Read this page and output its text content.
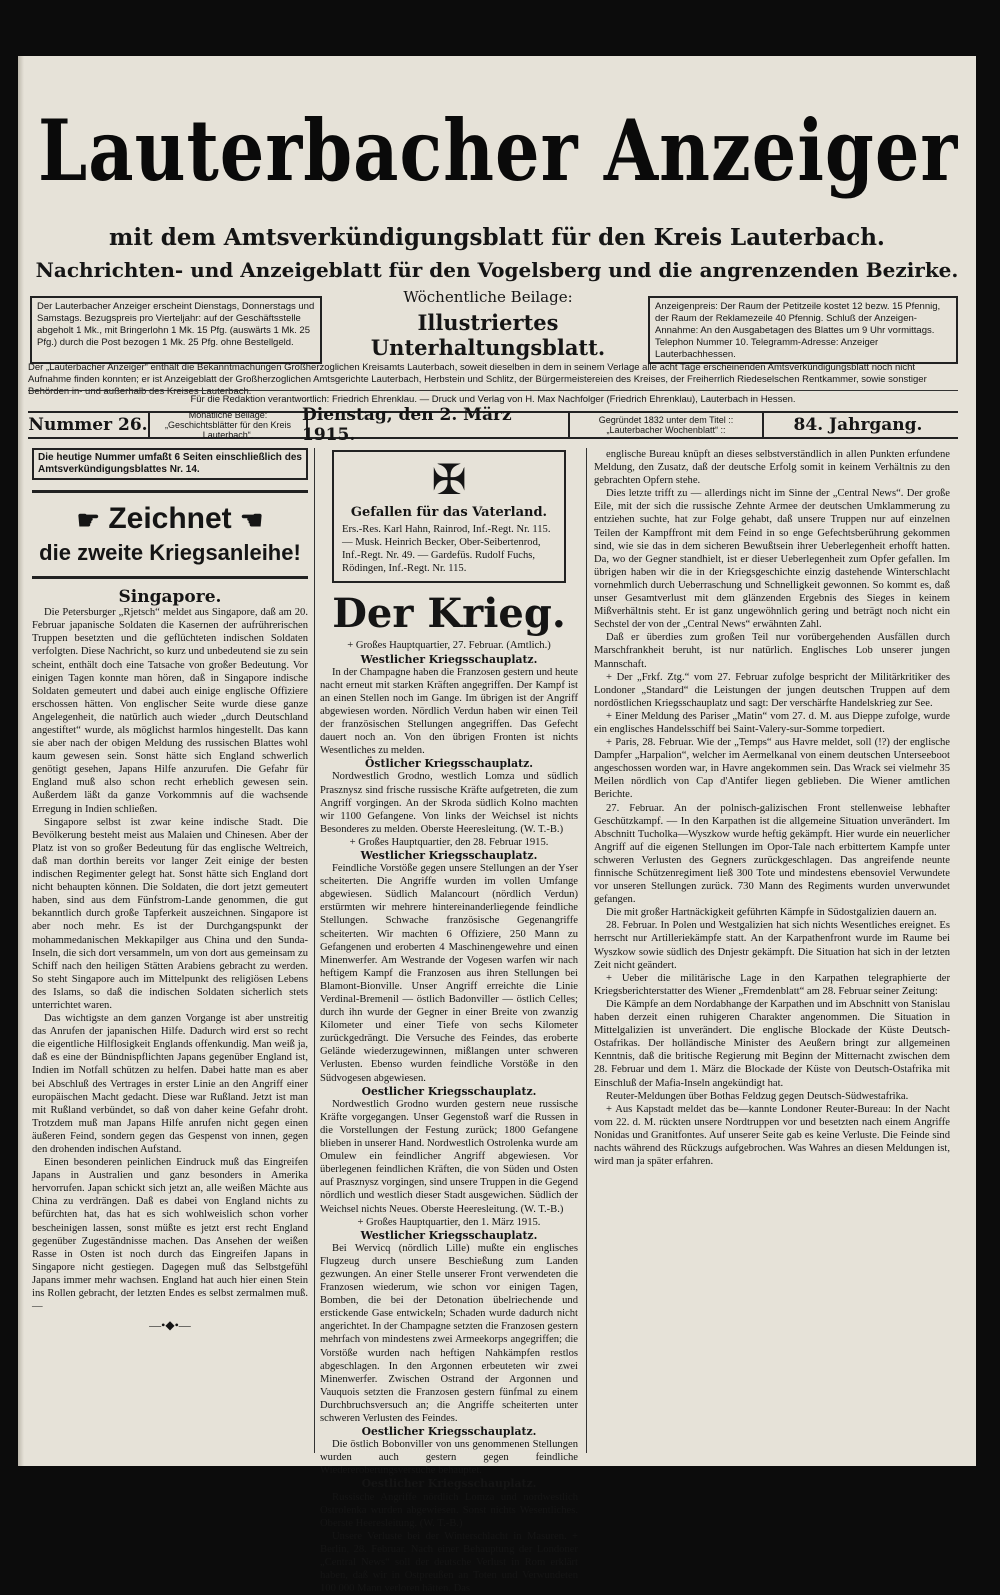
Lauterbacher Anzeiger
mit dem Amtsverkündigungsblatt für den Kreis Lauterbach.
Nachrichten- und Anzeigeblatt für den Vogelsberg und die angrenzenden Bezirke.
Der Lauterbacher Anzeiger erscheint Dienstags, Donnerstags und Samstags. Bezugspreis pro Vierteljahr: auf der Geschäftsstelle abgeholt 1 Mk., mit Bringerlohn 1 Mk. 15 Pfg. (auswärts 1 Mk. 25 Pfg.) durch die Post bezogen 1 Mk. 25 Pfg. ohne Bestellgeld.
Wöchentliche Beilage:
Illustriertes Unterhaltungsblatt.
Anzeigenpreis: Der Raum der Petitzeile kostet 12 bezw. 15 Pfennig, der Raum der Reklamezeile 40 Pfennig. Schluß der Anzeigen-Annahme: An den Ausgabetagen des Blattes um 9 Uhr vormittags. Telephon Nummer 10. Telegramm-Adresse: Anzeiger Lauterbachhessen.
Der „Lauterbacher Anzeiger“ enthält die Bekanntmachungen Großherzoglichen Kreisamts Lauterbach, soweit dieselben in dem in seinem Verlage alle acht Tage erscheinenden Amtsverkündigungsblatt noch nicht Aufnahme finden konnten; er ist Anzeigeblatt der Großherzoglichen Amtsgerichte Lauterbach, Herbstein und Schlitz, der Bürgermeistereien des Kreises, der Freiherrlich Riedeselschen Rentkammer, sowie sonstiger Behörden in- und außerhalb des Kreises Lauterbach.
Für die Redaktion verantwortlich: Friedrich Ehrenklau. — Druck und Verlag von H. Max Nachfolger (Friedrich Ehrenklau), Lauterbach in Hessen.
Nummer 26.	Monatliche Beilage: „Geschichtsblätter für den Kreis Lauterbach“.
Dienstag, den 2. März 1915.
Gegründet 1832 unter dem Titel :: „Lauterbacher Wochenblatt“ ::	84. Jahrgang.
Die heutige Nummer umfaßt 6 Seiten einschließlich des Amtsverkündigungsblattes Nr. 14.
☛ Zeichnet ☚
die zweite Kriegsanleihe!
Singapore.

Die Petersburger „Rjetsch“ meldet aus Singapore, daß am 20. Februar japanische Soldaten die Kasernen der aufrührerischen Truppen besetzten und die geflüchteten indischen Soldaten verfolgten. Diese Nachricht, so kurz und unbedeutend sie zu sein scheint, enthält doch eine Tatsache von großer Bedeutung. Vor einigen Tagen konnte man hören, daß in Singapore indische Soldaten gemeutert und dabei auch einige englische Offiziere erschossen hätten. Von englischer Seite wurde diese ganze Angelegenheit, die natürlich auch wieder „durch Deutschland angestiftet“ wurde, als möglichst harmlos hingestellt. Das kann sie aber nach der obigen Meldung des russischen Blattes wohl kaum gewesen sein. Sonst hätte sich England schwerlich genötigt gesehen, Japans Hilfe anzurufen. Die Gefahr für England muß also schon recht erheblich gewesen sein. Außerdem läßt da ganze Vorkommnis auf die wachsende Erregung in Indien schließen.

Singapore selbst ist zwar keine indische Stadt. Die Bevölkerung besteht meist aus Malaien und Chinesen. Aber der Platz ist von so großer Bedeutung für das englische Weltreich, daß man dorthin bereits vor langer Zeit einige der besten indischen Regimenter gelegt hat. Sonst hätte sich England dort nicht behaupten können. Die Soldaten, die dort jetzt gemeutert haben, sind aus dem Fünfstrom-Lande genommen, die gut bekanntlich durch große Tapferkeit auszeichnen. Singapore ist aber noch mehr. Es ist der Durchgangspunkt der mohammedanischen Mekkapilger aus China und den Sunda-Inseln, die sich dort versammeln, um von dort aus gemeinsam zu Schiff nach den heiligen Stätten Arabiens gebracht zu werden. So steht Singapore auch im Mittelpunkt des religiösen Lebens des Islams, so daß die indischen Soldaten sicherlich stets unterrichtet waren.

Das wichtigste an dem ganzen Vorgange ist aber unstreitig das Anrufen der japanischen Hilfe. Dadurch wird erst so recht die eigentliche Hilflosigkeit Englands offenkundig. Man weiß ja, daß es eine der Bündnispflichten Japans gegenüber England ist, Indien im Notfall schützen zu helfen. Dabei hatte man es aber bei Abschluß des Vertrages in erster Linie an den Angriff einer europäischen Macht gedacht. Diese war Rußland. Jetzt ist man mit Rußland verbündet, so daß von daher keine Gefahr droht. Trotzdem muß man Japans Hilfe anrufen nicht gegen einen äußeren Feind, sondern gegen das Gespenst von innen, gegen den drohenden indischen Aufstand.

Einen besonderen peinlichen Eindruck muß das Eingreifen Japans in Australien und ganz besonders in Amerika hervorrufen. Japan schickt sich jetzt an, alle weißen Mächte aus China zu verdrängen. Daß es dabei von England nichts zu befürchten hat, das hat es sich wohlweislich schon vorher bescheinigen lassen, sonst müßte es jetzt erst recht England gegenüber Zugeständnisse machen. Das Ansehen der weißen Rasse in Osten ist noch durch das Eingreifen Japans in Singapore nicht gestiegen. Dagegen muß das Selbstgefühl Japans immer mehr wachsen. England hat auch hier einen Stein ins Rollen gebracht, der letzten Endes es selbst zermalmen muß. —

—•◆•—
✠
Gefallen für das Vaterland.
Ers.-Res. Karl Hahn, Rainrod, Inf.-Regt. Nr. 115. — Musk. Heinrich Becker, Ober-Seibertenrod, Inf.-Regt. Nr. 49. — Gardefüs. Rudolf Fuchs, Rödingen, Inf.-Regt. Nr. 115.
Der Krieg.
+ Großes Hauptquartier, 27. Februar. (Amtlich.)
Westlicher Kriegsschauplatz.

In der Champagne haben die Franzosen gestern und heute nacht erneut mit starken Kräften angegriffen. Der Kampf ist an einen Stellen noch im Gange. Im übrigen ist der Angriff abgewiesen worden. Nördlich Verdun haben wir einen Teil der französischen Stellungen angegriffen. Das Gefecht dauert noch an. Von den übrigen Fronten ist nichts Wesentliches zu melden.

Östlicher Kriegsschauplatz.

Nordwestlich Grodno, westlich Lomza und südlich Prasznysz sind frische russische Kräfte aufgetreten, die zum Angriff vorgingen. An der Skroda südlich Kolno machten wir 1100 Gefangene. Von links der Weichsel ist nichts Besonderes zu melden. Oberste Heeresleitung. (W. T.-B.)

+ Großes Hauptquartier, den 28. Februar 1915.
Westlicher Kriegsschauplatz.

Feindliche Vorstöße gegen unsere Stellungen an der Yser scheiterten. Die Angriffe wurden im vollen Umfange abgewiesen. Südlich Malancourt (nördlich Verdun) erstürmten wir mehrere hintereinanderliegende feindliche Stellungen. Schwache französische Gegenangriffe scheiterten. Wir machten 6 Offiziere, 250 Mann zu Gefangenen und eroberten 4 Maschinengewehre und einen Minenwerfer. Am Westrande der Vogesen warfen wir nach heftigem Kampf die Franzosen aus ihren Stellungen bei Blamont-Bionville. Unser Angriff erreichte die Linie Verdinal-Bremenil — östlich Badonviller — östlich Celles; durch ihn wurde der Gegner in einer Breite von zwanzig Kilometer und einer Tiefe von sechs Kilometer zurückgedrängt. Die Versuche des Feindes, das eroberte Gelände wiederzugewinnen, mißlangen unter schweren Verlusten. Ebenso wurden feindliche Vorstöße in den Südvogesen abgewiesen.

Oestlicher Kriegsschauplatz.

Nordwestlich Grodno wurden gestern neue russische Kräfte vorgegangen. Unser Gegenstoß warf die Russen in die Vorstellungen der Festung zurück; 1800 Gefangene blieben in unserer Hand. Nordwestlich Ostrolenka wurde am Omulew ein feindlicher Angriff abgewiesen. Vor überlegenen feindlichen Kräften, die von Süden und Osten auf Prasznysz vorgingen, sind unsere Truppen in die Gegend nördlich und westlich dieser Stadt ausgewichen. Südlich der Weichsel nichts Neues. Oberste Heeresleitung. (W. T.-B.)

+ Großes Hauptquartier, den 1. März 1915.
Westlicher Kriegsschauplatz.

Bei Wervicq (nördlich Lille) mußte ein englisches Flugzeug durch unsere Beschießung zum Landen gezwungen. An einer Stelle unserer Front verwendeten die Franzosen wiederum, wie schon vor einigen Tagen, Bomben, die bei der Detonation übelriechende und erstickende Gase entwickeln; Schaden wurde dadurch nicht angerichtet. In der Champagne setzten die Franzosen gestern mehrfach von mindestens zwei Armeekorps angegriffen; die Vorstöße wurden nach heftigen Nahkämpfen restlos abgeschlagen. In den Argonnen erbeuteten wir zwei Minenwerfer. Zwischen Ostrand der Argonnen und Vauquois setzten die Franzosen gestern fünfmal zu einem Durchbruchsversuch an; die Angriffe scheiterten unter schweren Verlusten des Feindes.

Oestlicher Kriegsschauplatz.

Die östlich Bobonviller von uns genommenen Stellungen wurden auch gestern gegen feindliche Wiedereroberungsversuche behauptet.

Oestlicher Kriegsschauplatz.

Russische Angriffe nördlich Lomza und nordwestlich Ostrolenka wurden abgewiesen. Sonst nichts Wesentliches. Oberste Heeresleitung. (W. T.-B.)

Unsere Verluste bei der Winterschlacht in Masuren. + Berlin, 28. Februar. Nach einer Behauptung der Londoner „Central News“ soll der deutsche Verlust in Rom erklärt haben, daß wir in Ostpreußen an Toten und Verwundeten 100 000 Mann verloren hätten. Das

englische Bureau knüpft an dieses selbstverständlich in allen Punkten erfundene Meldung, den Zusatz, daß der deutsche Erfolg somit in keinem Verhältnis zu den gebrachten Opfern stehe.

Dies letzte trifft zu — allerdings nicht im Sinne der „Central News“. Der große Eile, mit der sich die russische Zehnte Armee der deutschen Umklammerung zu entziehen suchte, hat zur Folge gehabt, daß unsere Truppen nur auf einzelnen Teilen der Kampffront mit dem Feind in so enge Gefechtsberührung gekommen sind, wie sie das in dem sicheren Bewußtsein ihrer Ueberlegenheit erhofft hatten. Da, wo der Gegner standhielt, ist er dieser Ueberlegenheit zum Opfer gefallen. Im übrigen haben wir die in der Kriegsgeschichte einzig dastehende Winterschlacht vornehmlich durch Ueberraschung und Schnelligkeit gewonnen. So kommt es, daß unser Gesamtverlust mit dem glänzenden Ergebnis des Sieges in keinem Mißverhältnis steht. Er ist ganz ungewöhnlich gering und beträgt noch nicht ein Sechstel der von der „Central News“ erwähnten Zahl.

Daß er überdies zum großen Teil nur vorübergehenden Ausfällen durch Marschfrankheit beruht, ist nur natürlich. Englisches Lob unserer jungen Mannschaft.

+ Der „Frkf. Ztg.“ vom 27. Februar zufolge bespricht der Militärkritiker des Londoner „Standard“ die Leistungen der jungen deutschen Truppen auf dem nordöstlichen Kriegsschauplatz und sagt: Der verschärfte Handelskrieg zur See.

+ Einer Meldung des Pariser „Matin“ vom 27. d. M. aus Dieppe zufolge, wurde ein englisches Handelsschiff bei Saint-Valery-sur-Somme torpediert.

+ Paris, 28. Februar. Wie der „Temps“ aus Havre meldet, soll (!?) der englische Dampfer „Harpalion“, welcher im Aermelkanal von einem deutschen Unterseeboot angeschossen worden war, in Havre angekommen sein. Das Wrack sei vielmehr 35 Meilen nördlich von Cap d'Antifer liegen geblieben. Die Wiener amtlichen Berichte.

27. Februar. An der polnisch-galizischen Front stellenweise lebhafter Geschützkampf. — In den Karpathen ist die allgemeine Situation unverändert. Im Abschnitt Tucholka—Wyszkow wurde heftig gekämpft. Hier wurde ein neuerlicher Angriff auf die eigenen Stellungen im Opor-Tale nach erbittertem Kampfe unter schweren Verlusten des Gegners zurückgeschlagen. Das angreifende neunte finnische Schützenregiment ließ 300 Tote und mindestens ebensoviel Verwundete vor unseren Stellungen zurück. 730 Mann des Regiments wurden unverwundet gefangen.

Die mit großer Hartnäckigkeit geführten Kämpfe in Südostgalizien dauern an.

28. Februar. In Polen und Westgalizien hat sich nichts Wesentliches ereignet. Es herrscht nur Artilleriekämpfe statt. An der Karpathenfront wurde im Raume bei Wyszkow sowie südlich des Dnjestr gekämpft. Die Situation hat sich in der letzten Zeit nicht geändert.

+ Ueber die militärische Lage in den Karpathen telegraphierte der Kriegsberichterstatter des Wiener „Fremdenblatt“ am 28. Februar seiner Zeitung:

Die Kämpfe an dem Nordabhange der Karpathen und im Abschnitt von Stanislau haben derzeit einen ruhigeren Charakter angenommen. Die Situation in Mittelgalizien ist unverändert. Die englische Blockade der Küste Deutsch-Ostafrikas. Der holländische Minister des Aeußern bringt zur allgemeinen Kenntnis, daß die britische Regierung mit Beginn der Mitternacht zwischen dem 28. Februar und dem 1. März die Blockade der Küste von Deutsch-Ostafrika mit Einschluß der Mafia-Inseln angekündigt hat.

Reuter-Meldungen über Bothas Feldzug gegen Deutsch-Südwestafrika.

+ Aus Kapstadt meldet das be—kannte Londoner Reuter-Bureau: In der Nacht vom 22. d. M. rückten unsere Nordtruppen vor und besetzten nach einem Angriffe Nonidas und Granitfontes. Auf unserer Seite gab es keine Verluste. Die Feinde sind nachts während des Rückzugs aufgebrochen. Was Wahres an diesen Meldungen ist, wird man ja später erfahren.
